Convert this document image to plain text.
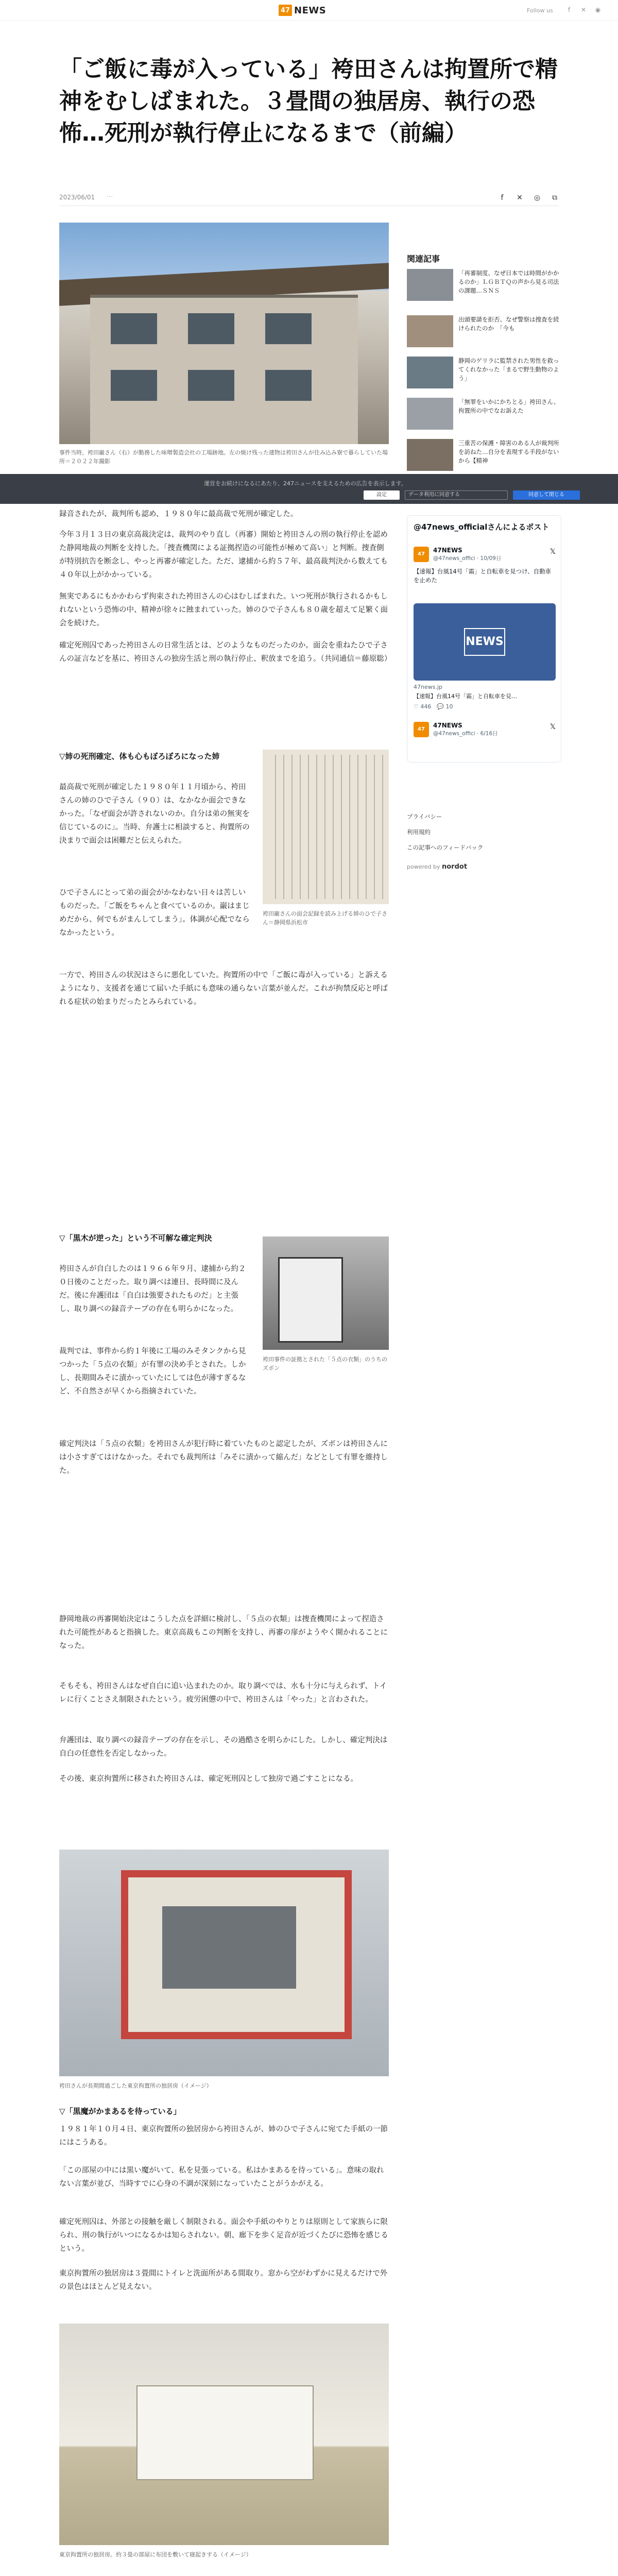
47 NEWS	Follow us	f	✕ ◉
「ご飯に毒が入っている」袴田さんは拘置所で精神をむしばまれた。３畳間の独居房、執行の恐怖…死刑が執行停止になるまで（前編）
2023/06/01 ⋯	f	✕ ◎ ⧉

事件当時、袴田巌さん（右）が勤務した味噌製造会社の工場跡地。左の焼け残った建物は袴田さんが住み込み寮で暮らしていた場所＝２０２２年撮影

運営をお続けになるにあたり、247ニュースを支えるための広告を表示します。
設定	データ利用に同意する	同意して閉じる

録音されたが、裁判所も認め、１９８０年に最高裁で死刑が確定した。

今年３月１３日の東京高裁決定は、裁判のやり直し（再審）開始と袴田さんの刑の執行停止を認めた静岡地裁の判断を支持した。「捜査機関による証拠捏造の可能性が極めて高い」と判断。捜査側が特別抗告を断念し、やっと再審が確定した。ただ、逮捕から約５７年、最高裁判決から数えても４０年以上がかかっている。

無実であるにもかかわらず拘束された袴田さんの心はむしばまれた。いつ死刑が執行されるかもしれないという恐怖の中、精神が徐々に蝕まれていった。姉のひで子さんも８０歳を超えて足繁く面会を続けた。

確定死刑囚であった袴田さんの日常生活とは、どのようなものだったのか。面会を重ねたひで子さんの証言などを基に、袴田さんの独房生活と刑の執行停止、釈放までを追う。（共同通信＝藤原聡）

▽姉の死刑確定、体も心もぼろぼろになった姉

最高裁で死刑が確定した１９８０年１１月頃から、袴田さんの姉のひで子さん（９０）は、なかなか面会できなかった。「なぜ面会が許されないのか。自分は弟の無実を信じているのに」。当時、弁護士に相談すると、拘置所の決まりで面会は困難だと伝えられた。

袴田巌さんの面会記録を読み上げる姉のひで子さん＝静岡県浜松市

ひで子さんにとって弟の面会がかなわない日々は苦しいものだった。「ご飯をちゃんと食べているのか。巌はまじめだから、何でもがまんしてしまう」。体調が心配でならなかったという。

一方で、袴田さんの状況はさらに悪化していた。拘置所の中で「ご飯に毒が入っている」と訴えるようになり、支援者を通じて届いた手紙にも意味の通らない言葉が並んだ。これが拘禁反応と呼ばれる症状の始まりだったとみられている。

▽「黒木が逆った」という不可解な確定判決

袴田さんが自白したのは１９６６年９月、逮捕から約２０日後のことだった。取り調べは連日、長時間に及んだ。後に弁護団は「自白は強要されたものだ」と主張し、取り調べの録音テープの存在も明らかになった。

袴田事件の証拠とされた「５点の衣類」のうちのズボン

裁判では、事件から約１年後に工場のみそタンクから見つかった「５点の衣類」が有罪の決め手とされた。しかし、長期間みそに漬かっていたにしては色が薄すぎるなど、不自然さが早くから指摘されていた。

確定判決は「５点の衣類」を袴田さんが犯行時に着ていたものと認定したが、ズボンは袴田さんには小さすぎてはけなかった。それでも裁判所は「みそに漬かって縮んだ」などとして有罪を維持した。

静岡地裁の再審開始決定はこうした点を詳細に検討し、「５点の衣類」は捜査機関によって捏造された可能性があると指摘した。東京高裁もこの判断を支持し、再審の扉がようやく開かれることになった。

そもそも、袴田さんはなぜ自白に追い込まれたのか。取り調べでは、水も十分に与えられず、トイレに行くことさえ制限されたという。疲労困憊の中で、袴田さんは「やった」と言わされた。

弁護団は、取り調べの録音テープの存在を示し、その過酷さを明らかにした。しかし、確定判決は自白の任意性を否定しなかった。

その後、東京拘置所に移された袴田さんは、確定死刑囚として独房で過ごすことになる。

袴田さんが長期間過ごした東京拘置所の独居房（イメージ）

▽「黒魔がかまあるを待っている」

１９８１年１０月４日、東京拘置所の独居房から袴田さんが、姉のひで子さんに宛てた手紙の一節にはこうある。

「この部屋の中には黒い魔がいて、私を見張っている。私はかまあるを待っている」。意味の取れない言葉が並び、当時すでに心身の不調が深刻になっていたことがうかがえる。

確定死刑囚は、外部との接触を厳しく制限される。面会や手紙のやりとりは原則として家族らに限られ、刑の執行がいつになるかは知らされない。朝、廊下を歩く足音が近づくたびに恐怖を感じるという。

東京拘置所の独居房は３畳間にトイレと洗面所がある間取り。窓から空がわずかに見えるだけで外の景色はほとんど見えない。

東京拘置所の独居房。約３畳の部屋に布団を敷いて寝起きする（イメージ）

関連記事
「再審制度、なぜ日本では時間がかかるのか」ＬＧＢＴＱの声から見る司法の課題…ＳＮＳ
出頭要請を拒否、なぜ警察は捜査を続けられたのか　「今も
静岡のゲリラに監禁された男性を救ってくれなかった「まるで野生動物のよう」
「無罪をいかにかちとる」袴田さん、拘置所の中でなお訴えた
三重苦の保護・障害のある人が裁判所を訪ねた…自分を表現する手段がないから【精神
@47news_officialさんによるポスト
47
47NEWS
@47news_offici · 10/09日
𝕏
【速報】台風14号「霜」と自転車を見つけ、自動車を止めた
NEWS
47news.jp
【速報】台風14号「霜」と自転車を見…
♡ 446　💬 10
47
47NEWS
@47news_offici · 6/16日
𝕏
プライバシー
利用規約
この記事へのフィードバック
powered by nordot
